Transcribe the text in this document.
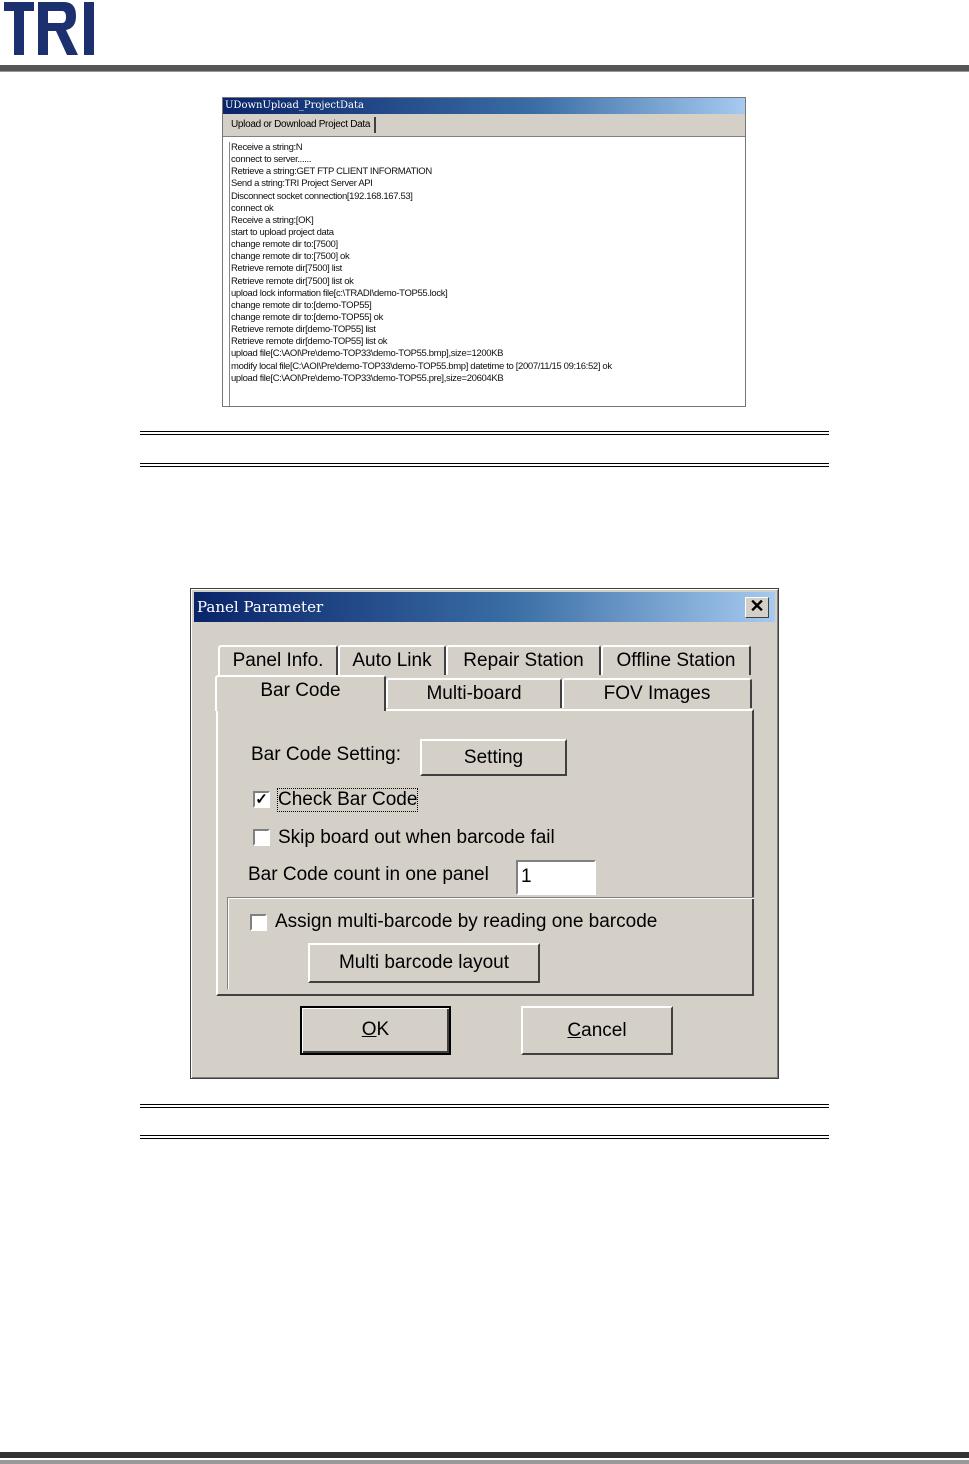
UDownUpload_ProjectData
Upload or Download Project Data
Receive a string:N
connect to server......
Retrieve a string:GET FTP CLIENT INFORMATION
Send a string:TRI Project Server API
Disconnect socket connection[192.168.167.53]
connect ok
Receive a string:[OK]
start to upload project data
change remote dir to:[7500]
change remote dir to:[7500] ok
Retrieve remote dir[7500] list
Retrieve remote dir[7500] list ok
upload lock information file[c:\TRADI\demo-TOP55.lock]
change remote dir to:[demo-TOP55]
change remote dir to:[demo-TOP55] ok
Retrieve remote dir[demo-TOP55] list
Retrieve remote dir[demo-TOP55] list ok
upload file[C:\AOI\Pre\demo-TOP33\demo-TOP55.bmp],size=1200KB
modify local file[C:\AOI\Pre\demo-TOP33\demo-TOP55.bmp] datetime to [2007/11/15 09:16:52] ok
upload file[C:\AOI\Pre\demo-TOP33\demo-TOP55.pre],size=20604KB
Panel Parameter	✕
Panel Info.	Auto Link	Repair Station	Offline Station
Bar Code	Multi-board	FOV Images
Bar Code Setting:	Setting
✓ Check Bar Code
Skip board out when barcode fail
Bar Code count in one panel 1
Assign multi-barcode by reading one barcode
Multi barcode layout
OK	Cancel
